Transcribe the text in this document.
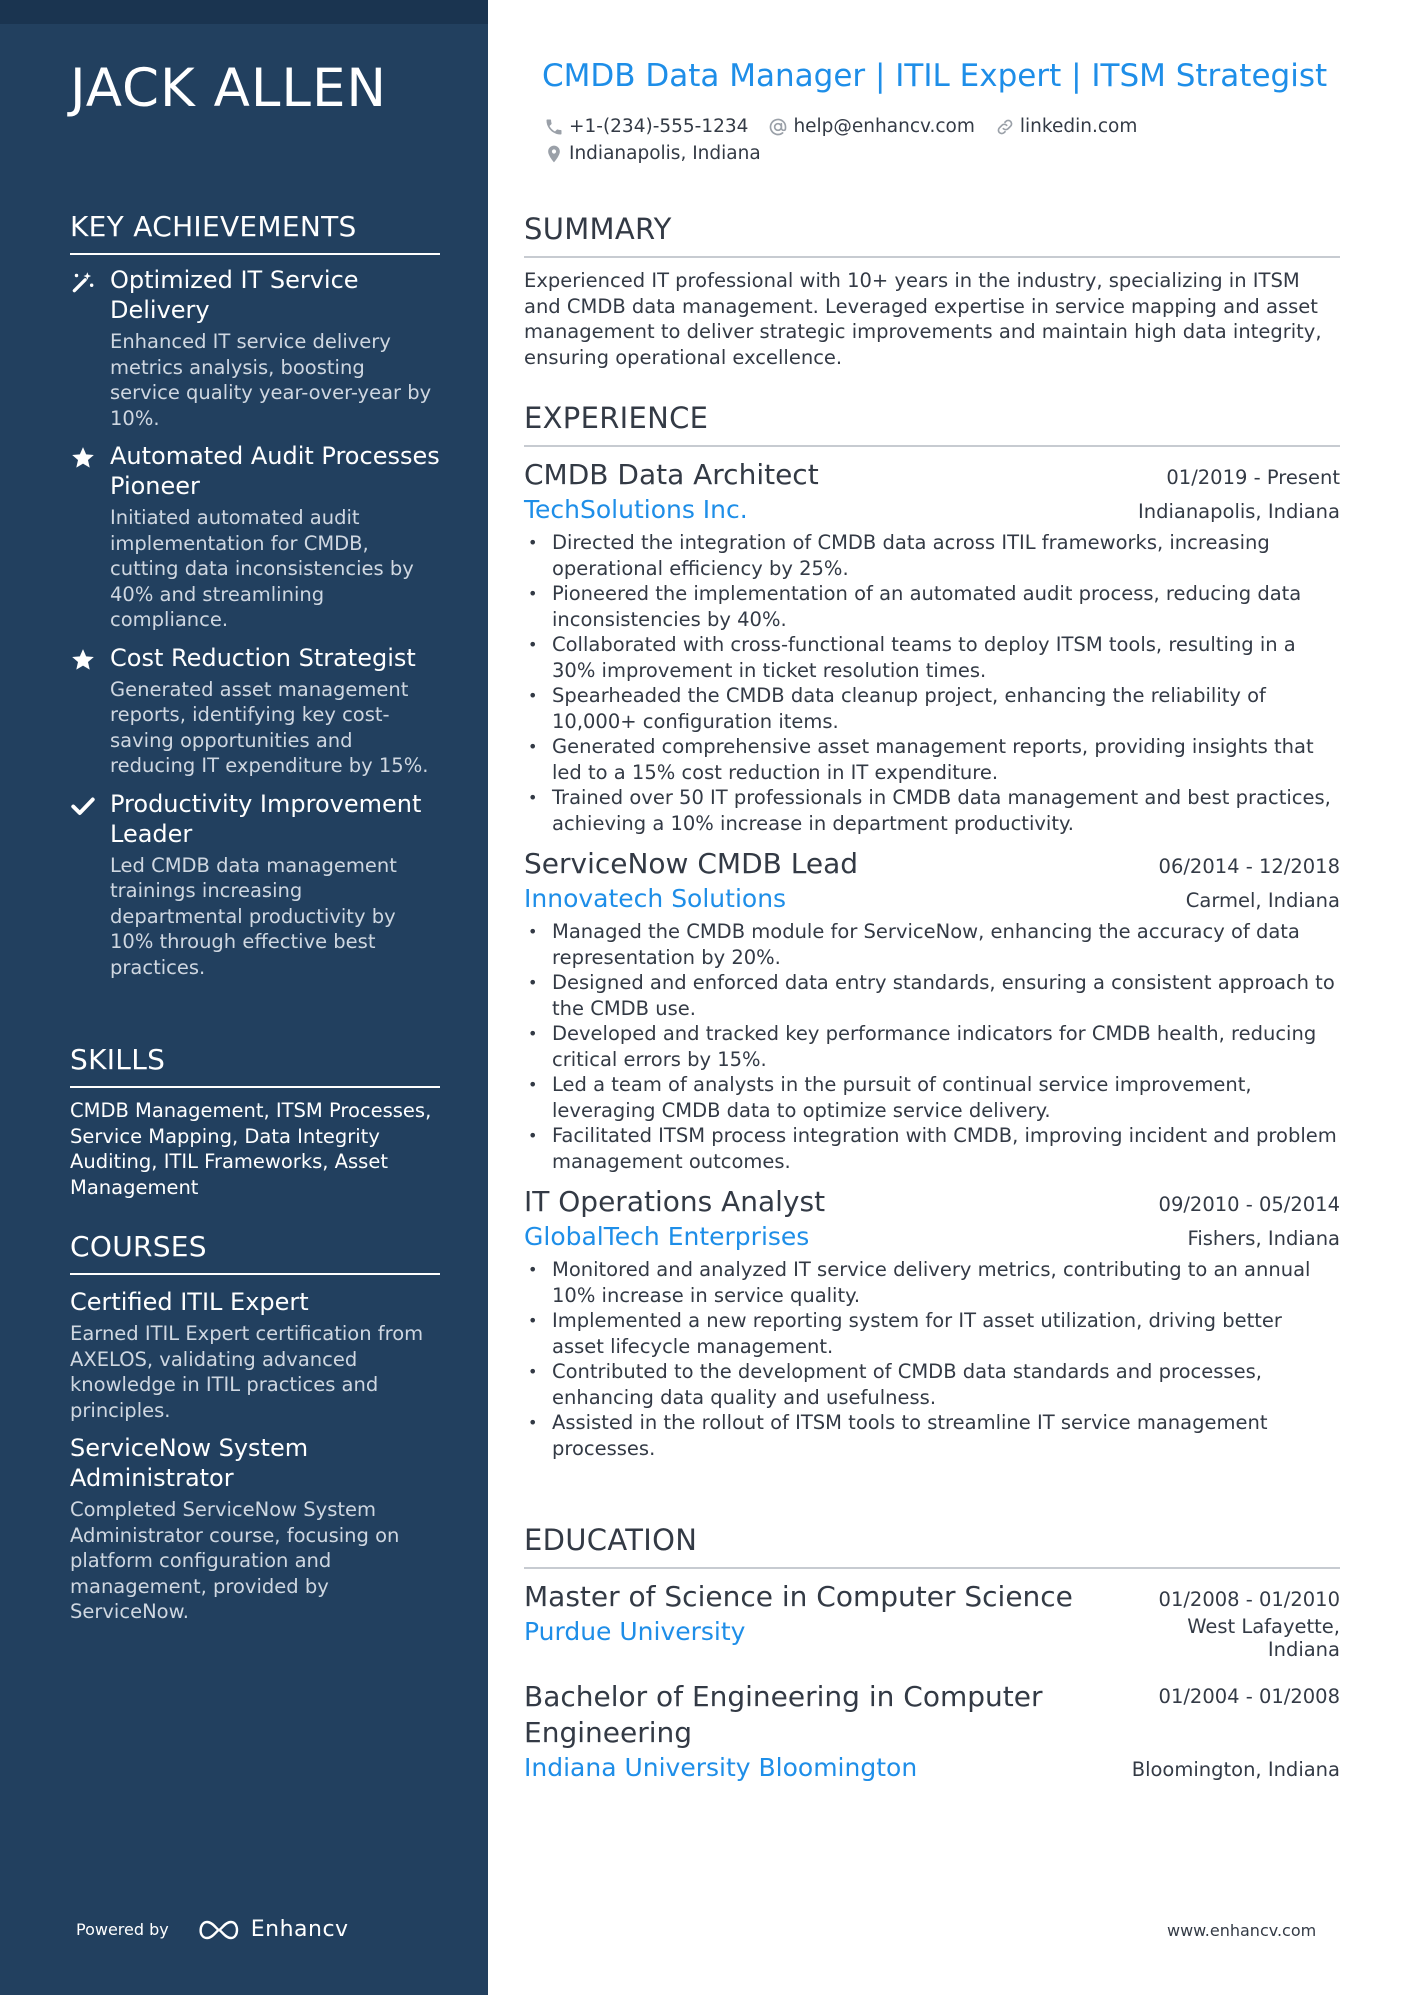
JACK ALLEN
KEY ACHIEVEMENTS
Optimized IT Service Delivery
Enhanced IT service delivery metrics analysis, boosting service quality year-over-year by 10%.
Automated Audit Processes Pioneer
Initiated automated audit implementation for CMDB, cutting data inconsistencies by 40% and streamlining compliance.
Cost Reduction Strategist
Generated asset management reports, identifying key cost-saving opportunities and reducing IT expenditure by 15%.
Productivity Improvement Leader
Led CMDB data management trainings increasing departmental productivity by 10% through effective best practices.
SKILLS
CMDB Management, ITSM Processes, Service Mapping, Data Integrity Auditing, ITIL Frameworks, Asset Management
COURSES
Certified ITIL Expert
Earned ITIL Expert certification from AXELOS, validating advanced knowledge in ITIL practices and principles.
ServiceNow System Administrator
Completed ServiceNow System Administrator course, focusing on platform configuration and management, provided by ServiceNow.
Powered by	Enhancv
CMDB Data Manager | ITIL Expert | ITSM Strategist
+1-(234)-555-1234 help@enhancv.com linkedin.com
Indianapolis, Indiana
SUMMARY

Experienced IT professional with 10+ years in the industry, specializing in ITSM and CMDB data management. Leveraged expertise in service mapping and asset management to deliver strategic improvements and maintain high data integrity, ensuring operational excellence.

EXPERIENCE
CMDB Data Architect	01/2019 - Present
TechSolutions Inc.	Indianapolis, Indiana
• Directed the integration of CMDB data across ITIL frameworks, increasing operational efficiency by 25%.
• Pioneered the implementation of an automated audit process, reducing data inconsistencies by 40%.
• Collaborated with cross-functional teams to deploy ITSM tools, resulting in a 30% improvement in ticket resolution times.
• Spearheaded the CMDB data cleanup project, enhancing the reliability of 10,000+ configuration items.
• Generated comprehensive asset management reports, providing insights that led to a 15% cost reduction in IT expenditure.
• Trained over 50 IT professionals in CMDB data management and best practices, achieving a 10% increase in department productivity.
ServiceNow CMDB Lead	06/2014 - 12/2018
Innovatech Solutions	Carmel, Indiana
• Managed the CMDB module for ServiceNow, enhancing the accuracy of data representation by 20%.
• Designed and enforced data entry standards, ensuring a consistent approach to the CMDB use.
• Developed and tracked key performance indicators for CMDB health, reducing critical errors by 15%.
• Led a team of analysts in the pursuit of continual service improvement, leveraging CMDB data to optimize service delivery.
• Facilitated ITSM process integration with CMDB, improving incident and problem management outcomes.
IT Operations Analyst	09/2010 - 05/2014
GlobalTech Enterprises	Fishers, Indiana
• Monitored and analyzed IT service delivery metrics, contributing to an annual 10% increase in service quality.
• Implemented a new reporting system for IT asset utilization, driving better asset lifecycle management.
• Contributed to the development of CMDB data standards and processes, enhancing data quality and usefulness.
• Assisted in the rollout of ITSM tools to streamline IT service management processes.
EDUCATION
Master of Science in Computer Science	01/2008 - 01/2010
Purdue University	West Lafayette, Indiana
Bachelor of Engineering in Computer Engineering
01/2004 - 01/2008
Indiana University Bloomington	Bloomington, Indiana
www.enhancv.com
